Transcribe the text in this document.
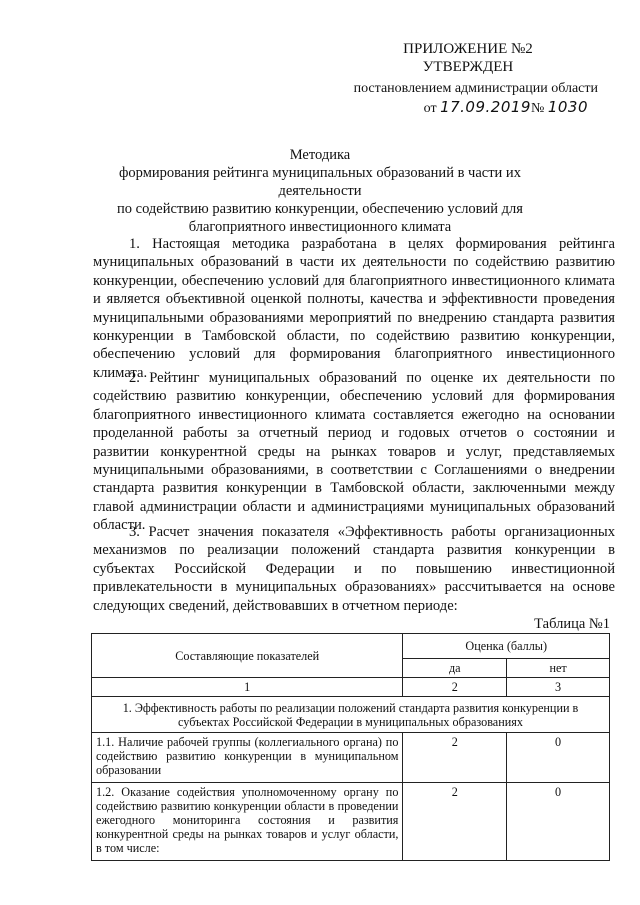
ПРИЛОЖЕНИЕ №2
УТВЕРЖДЕН
постановлением администрации области
от 17.09.2019№ 1030
Методика
формирования рейтинга муниципальных образований в части их деятельности
по содействию развитию конкуренции, обеспечению условий для
благоприятного инвестиционного климата
1. Настоящая методика разработана в целях формирования рейтинга муниципальных образований в части их деятельности по содействию развитию конкуренции, обеспечению условий для благоприятного инвестиционного климата и является объективной оценкой полноты, качества и эффективности проведения муниципальными образованиями мероприятий по внедрению стандарта развития конкуренции в Тамбовской области, по содействию развитию конкуренции, обеспечению условий для формирования благоприятного инвестиционного климата.
2. Рейтинг муниципальных образований по оценке их деятельности по содействию развитию конкуренции, обеспечению условий для формирования благоприятного инвестиционного климата составляется ежегодно на основании проделанной работы за отчетный период и годовых отчетов о состоянии и развитии конкурентной среды на рынках товаров и услуг, представляемых муниципальными образованиями, в соответствии с Соглашениями о внедрении стандарта развития конкуренции в Тамбовской области, заключенными между главой администрации области и администрациями муниципальных образований области.
3. Расчет значения показателя «Эффективность работы организационных механизмов по реализации положений стандарта развития конкуренции в субъектах Российской Федерации и по повышению инвестиционной привлекательности в муниципальных образованиях» рассчитывается на основе следующих сведений, действовавших в отчетном периоде:
Таблица №1
Составляющие показателей	Оценка (баллы)	
	да	нет
1	2	3
1. Эффективность работы по реализации положений стандарта развития конкуренции в субъектах Российской Федерации в муниципальных образованиях		
1.1. Наличие рабочей группы (коллегиального органа) по содействию развитию конкуренции в муниципальном образовании	2	0
1.2. Оказание содействия уполномоченному органу по содействию развитию конкуренции области в проведении ежегодного мониторинга состояния и развития конкурентной среды на рынках товаров и услуг области, в том числе:	2	0
